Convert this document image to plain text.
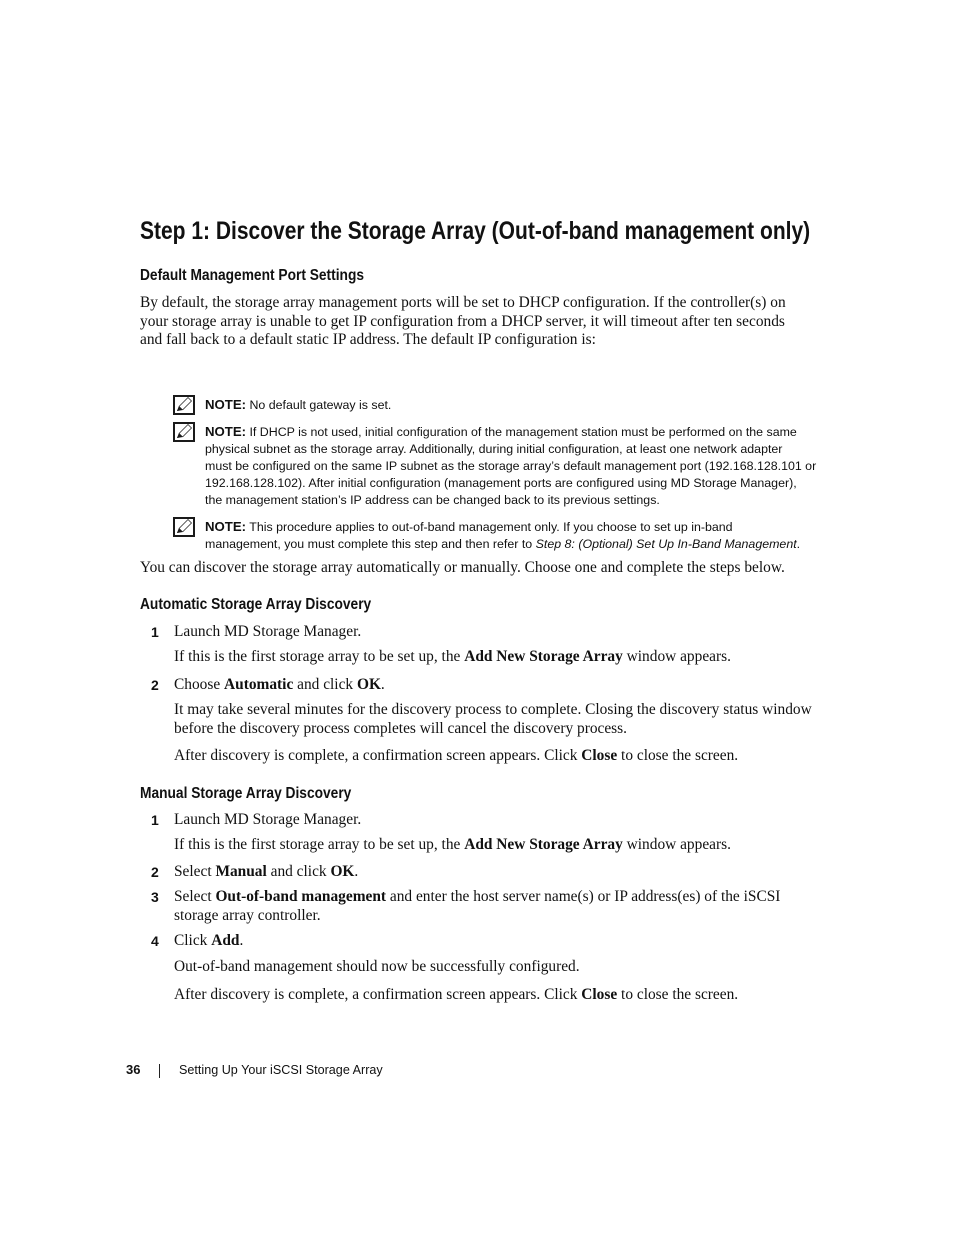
Step 1: Discover the Storage Array (Out-of-band management only)
Default Management Port Settings
By default, the storage array management ports will be set to DHCP configuration. If the controller(s) on
your storage array is unable to get IP configuration from a DHCP server, it will timeout after ten seconds
and fall back to a default static IP address. The default IP configuration is:
NOTE: No default gateway is set.
NOTE: If DHCP is not used, initial configuration of the management station must be performed on the same
physical subnet as the storage array. Additionally, during initial configuration, at least one network adapter
must be configured on the same IP subnet as the storage array’s default management port (192.168.128.101 or
192.168.128.102). After initial configuration (management ports are configured using MD Storage Manager),
the management station’s IP address can be changed back to its previous settings.
NOTE: This procedure applies to out-of-band management only. If you choose to set up in-band
management, you must complete this step and then refer to Step 8: (Optional) Set Up In-Band Management.
You can discover the storage array automatically or manually. Choose one and complete the steps below.
Automatic Storage Array Discovery
1 Launch MD Storage Manager.
If this is the first storage array to be set up, the Add New Storage Array window appears.
2 Choose Automatic and click OK.
It may take several minutes for the discovery process to complete. Closing the discovery status window
before the discovery process completes will cancel the discovery process.
After discovery is complete, a confirmation screen appears. Click Close to close the screen.
Manual Storage Array Discovery
1 Launch MD Storage Manager.
If this is the first storage array to be set up, the Add New Storage Array window appears.
2 Select Manual and click OK.
3 Select Out-of-band management and enter the host server name(s) or IP address(es) of the iSCSI
storage array controller.
4 Click Add.
Out-of-band management should now be successfully configured.
After discovery is complete, a confirmation screen appears. Click Close to close the screen.
36	Setting Up Your iSCSI Storage Array
